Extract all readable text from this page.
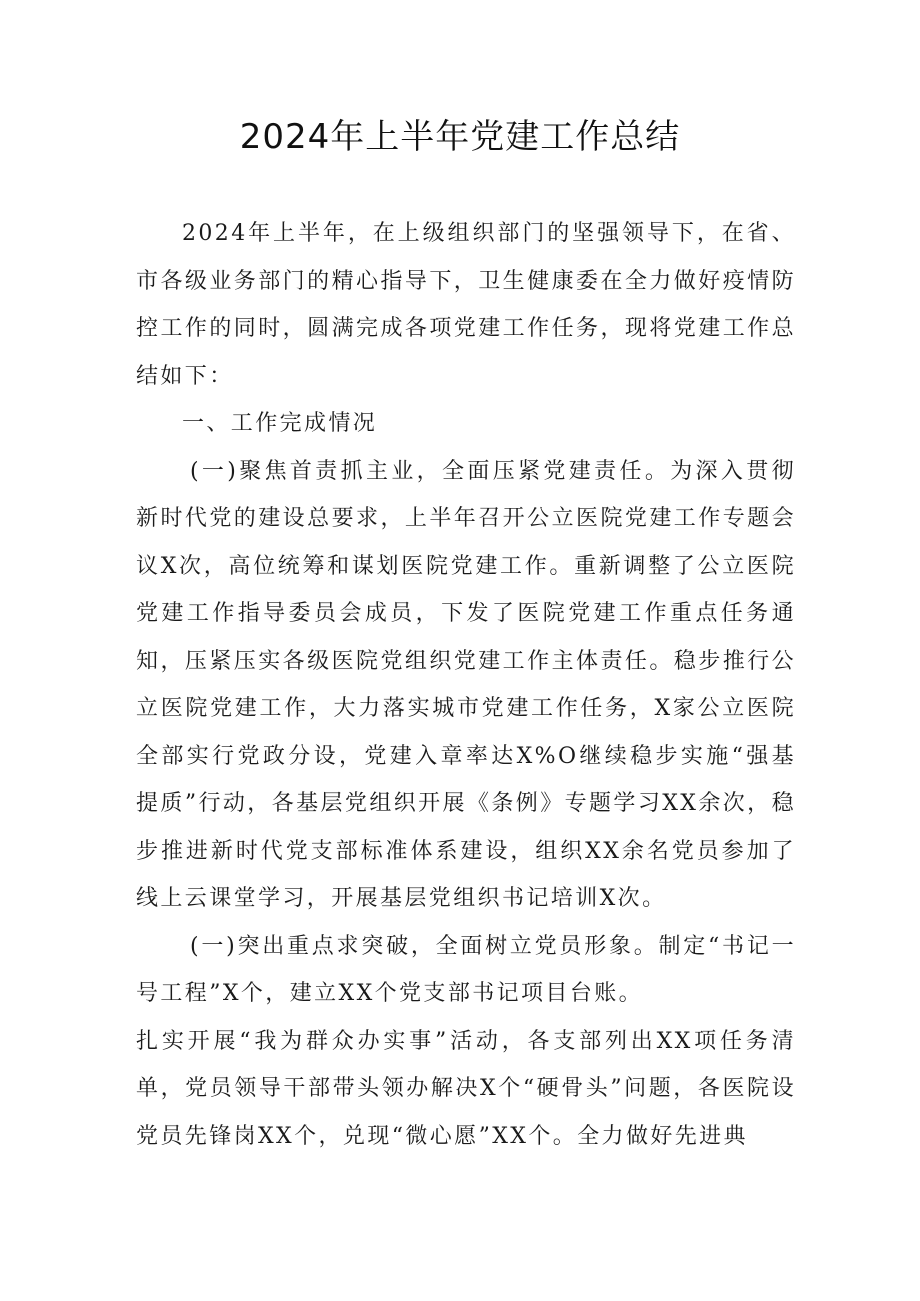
2024年上半年党建工作总结

2024年上半年，在上级组织部门的坚强领导下，在省、市各级业务部门的精心指导下，卫生健康委在全力做好疫情防控工作的同时，圆满完成各项党建工作任务，现将党建工作总结如下：

一、工作完成情况

(一)聚焦首责抓主业，全面压紧党建责任。为深入贯彻新时代党的建设总要求，上半年召开公立医院党建工作专题会议X次，高位统筹和谋划医院党建工作。重新调整了公立医院党建工作指导委员会成员，下发了医院党建工作重点任务通知，压紧压实各级医院党组织党建工作主体责任。稳步推行公立医院党建工作，大力落实城市党建工作任务，X家公立医院全部实行党政分设，党建入章率达X%O继续稳步实施“强基提质”行动，各基层党组织开展《条例》专题学习XX余次，稳步推进新时代党支部标准体系建设，组织XX余名党员参加了线上云课堂学习，开展基层党组织书记培训X次。

(一)突出重点求突破，全面树立党员形象。制定“书记一号工程”X个，建立XX个党支部书记项目台账。

扎实开展“我为群众办实事”活动，各支部列出XX项任务清单，党员领导干部带头领办解决X个“硬骨头”问题，各医院设党员先锋岗XX个，兑现“微心愿”XX个。全力做好先进典
